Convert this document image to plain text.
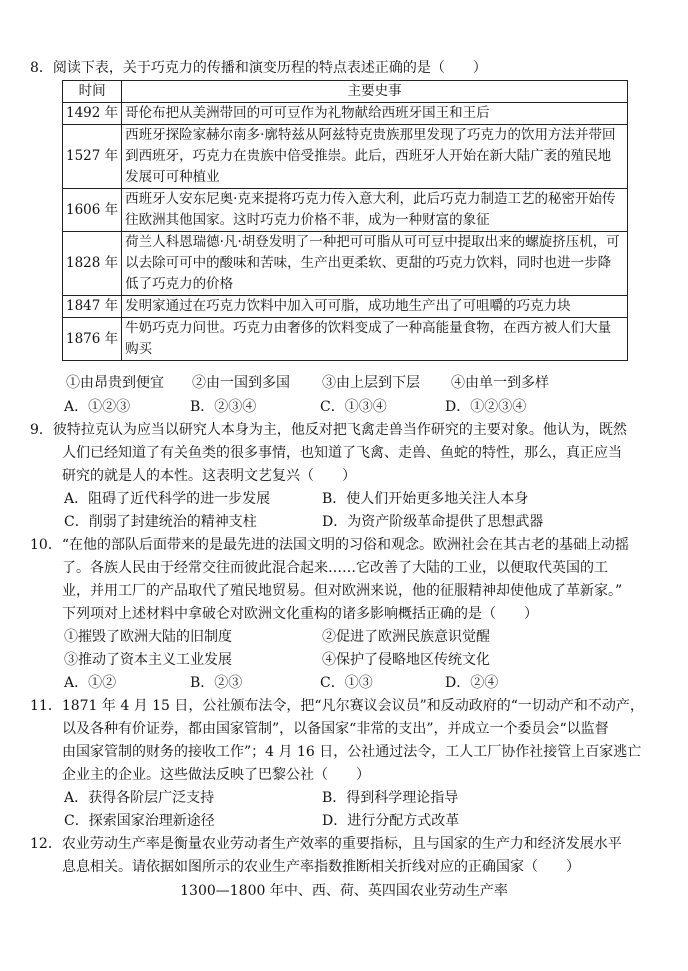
8．阅读下表，关于巧克力的传播和演变历程的特点表述正确的是（　　）
时间	主要史事
1492 年	哥伦布把从美洲带回的可可豆作为礼物献给西班牙国王和王后
1527 年	西班牙探险家赫尔南多·廓特兹从阿兹特克贵族那里发现了巧克力的饮用方法并带回到西班牙，巧克力在贵族中倍受推崇。此后，西班牙人开始在新大陆广袤的殖民地发展可可种植业
1606 年	西班牙人安东尼奥·克来提将巧克力传入意大利，此后巧克力制造工艺的秘密开始传往欧洲其他国家。这时巧克力价格不菲，成为一种财富的象征
1828 年	荷兰人科恩瑞德·凡·胡登发明了一种把可可脂从可可豆中提取出来的螺旋挤压机，可以去除可可中的酸味和苦味，生产出更柔软、更甜的巧克力饮料，同时也进一步降低了巧克力的价格
1847 年	发明家通过在巧克力饮料中加入可可脂，成功地生产出了可咀嚼的巧克力块
1876 年	牛奶巧克力问世。巧克力由奢侈的饮料变成了一种高能量食物，在西方被人们大量购买
①由昂贵到便宜 ②由一国到多国 ③由上层到下层 ④由单一到多样
A．①②③	B．②③④	C．①③④	D．①②③④
9．彼特拉克认为应当以研究人本身为主，他反对把飞禽走兽当作研究的主要对象。他认为，既然
人们已经知道了有关鱼类的很多事情，也知道了飞禽、走兽、鱼蛇的特性，那么，真正应当
研究的就是人的本性。这表明文艺复兴（　　）
A．阻碍了近代科学的进一步发展	B．使人们开始更多地关注人本身
C．削弱了封建统治的精神支柱	D．为资产阶级革命提供了思想武器
10．“在他的部队后面带来的是最先进的法国文明的习俗和观念。欧洲社会在其古老的基础上动摇
了。各族人民由于经常交往而彼此混合起来……它改善了大陆的工业，以便取代英国的工
业，并用工厂的产品取代了殖民地贸易。但对欧洲来说，他的征服精神却使他成了革新家。”
下列项对上述材料中拿破仑对欧洲文化重构的诸多影响概括正确的是（　　）
①摧毁了欧洲大陆的旧制度	②促进了欧洲民族意识觉醒
③推动了资本主义工业发展	④保护了侵略地区传统文化
A．①②	B．②③	C．①③	D．②④
11．1871 年 4 月 15 日，公社颁布法令，把“凡尔赛议会议员”和反动政府的“一切动产和不动产，
以及各种有价证券，都由国家管制”，以备国家“非常的支出”，并成立一个委员会“以监督
由国家管制的财务的接收工作”；4 月 16 日，公社通过法令，工人工厂协作社接管上百家逃亡
企业主的企业。这些做法反映了巴黎公社（　　）
A．获得各阶层广泛支持	B．得到科学理论指导
C．探索国家治理新途径	D．进行分配方式改革
12．农业劳动生产率是衡量农业劳动者生产效率的重要指标，且与国家的生产力和经济发展水平
息息相关。请依据如图所示的农业生产率指数推断相关折线对应的正确国家（　　）
1300—1800 年中、西、荷、英四国农业劳动生产率
